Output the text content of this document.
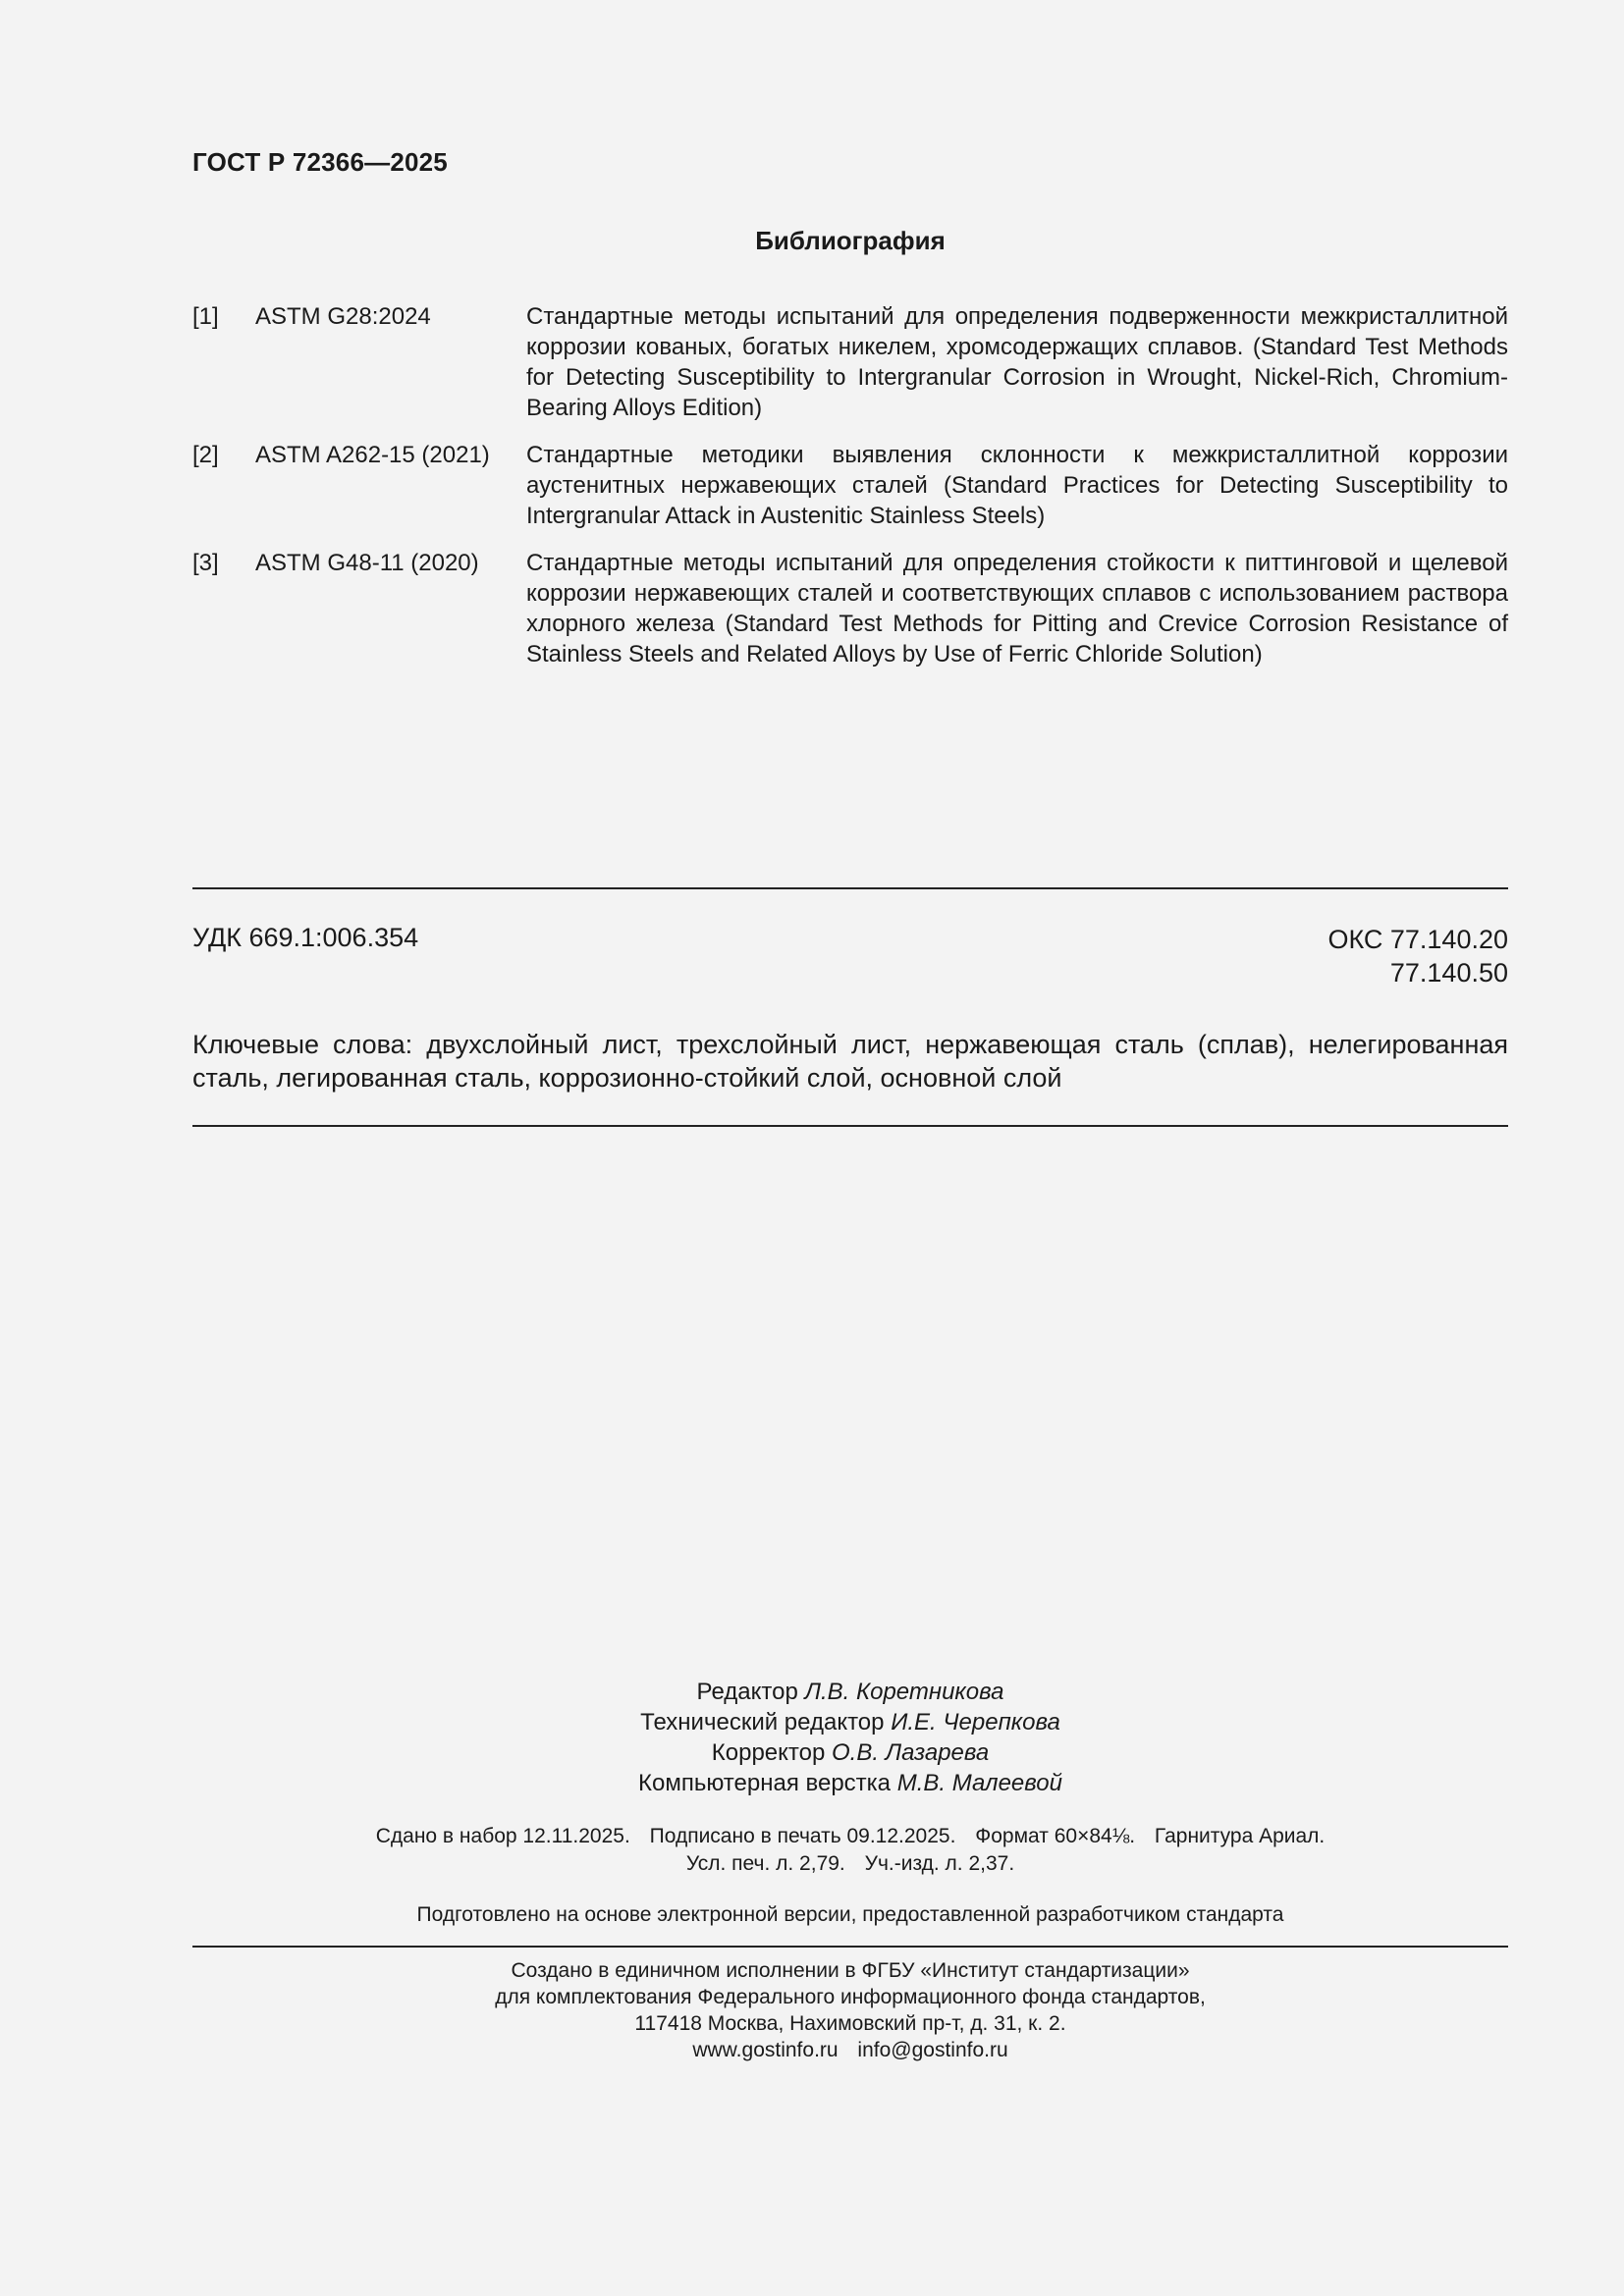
ГОСТ Р 72366—2025
Библиография
[1]	ASTM G28:2024	Стандартные методы испытаний для определения подверженности межкристаллитной коррозии кованых, богатых никелем, хромсодержащих сплавов. (Standard Test Methods for Detecting Susceptibility to Intergranular Corrosion in Wrought, Nickel-Rich, Chromium-Bearing Alloys Edition)
[2]	ASTM A262-15 (2021)	Стандартные методики выявления склонности к межкристаллитной коррозии аустенитных нержавеющих сталей (Standard Practices for Detecting Susceptibility to Intergranular Attack in Austenitic Stainless Steels)
[3]	ASTM G48-11 (2020)	Стандартные методы испытаний для определения стойкости к питтинговой и щелевой коррозии нержавеющих сталей и соответствующих сплавов с использованием раствора хлорного железа (Standard Test Methods for Pitting and Crevice Corrosion Resistance of Stainless Steels and Related Alloys by Use of Ferric Chloride Solution)
УДК 669.1:006.354	ОКС 77.140.20
77.140.50
Ключевые слова: двухслойный лист, трехслойный лист, нержавеющая сталь (сплав), нелегированная сталь, легированная сталь, коррозионно-стойкий слой, основной слой
Редактор Л.В. Коретникова
Технический редактор И.Е. Черепкова
Корректор О.В. Лазарева
Компьютерная верстка М.В. Малеевой
Сдано в набор 12.11.2025. Подписано в печать 09.12.2025. Формат 60×84⅛. Гарнитура Ариал.
Усл. печ. л. 2,79. Уч.-изд. л. 2,37.
Подготовлено на основе электронной версии, предоставленной разработчиком стандарта
Создано в единичном исполнении в ФГБУ «Институт стандартизации»
для комплектования Федерального информационного фонда стандартов,
117418 Москва, Нахимовский пр-т, д. 31, к. 2.
www.gostinfo.ru info@gostinfo.ru
